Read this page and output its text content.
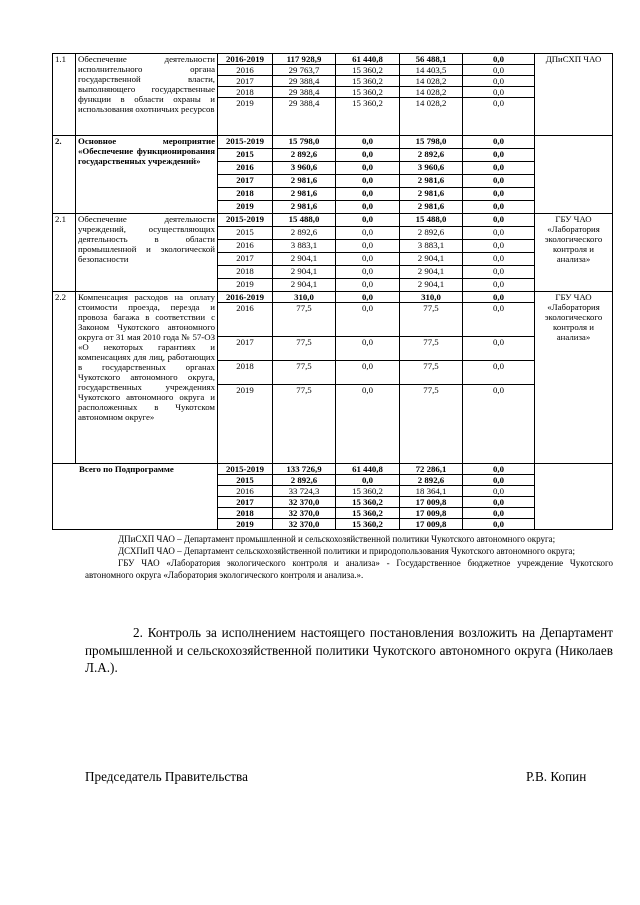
1.1	Обеспечение деятельности исполнительного органа государственной власти, выполняющего государственные функции в области охраны и использования охотничьих ресурсов	2016-2019	117 928,9	61 440,8	56 488,1	0,0	ДПиСХП ЧАО
		2016	29 763,7	15 360,2	14 403,5	0,0	
		2017	29 388,4	15 360,2	14 028,2	0,0	
		2018	29 388,4	15 360,2	14 028,2	0,0	
		2019	29 388,4	15 360,2	14 028,2	0,0	
2.	Основное мероприятие «Обеспечение функционирования государственных учреждений»	2015-2019	15 798,0	0,0	15 798,0	0,0	
		2015	2 892,6	0,0	2 892,6	0,0	
		2016	3 960,6	0,0	3 960,6	0,0	
		2017	2 981,6	0,0	2 981,6	0,0	
		2018	2 981,6	0,0	2 981,6	0,0	
		2019	2 981,6	0,0	2 981,6	0,0	
2.1	Обеспечение деятельности учреждений, осуществляющих деятельность в области промышленной и экологической безопасности	2015-2019	15 488,0	0,0	15 488,0	0,0	ГБУ ЧАО «Лаборатория экологического контроля и анализа»
		2015	2 892,6	0,0	2 892,6	0,0	
		2016	3 883,1	0,0	3 883,1	0,0	
		2017	2 904,1	0,0	2 904,1	0,0	
		2018	2 904,1	0,0	2 904,1	0,0	
		2019	2 904,1	0,0	2 904,1	0,0	
2.2	Компенсация расходов на оплату стоимости проезда, перезда и провоза багажа в соответствии с Законом Чукотского автономного округа от 31 мая 2010 года № 57-ОЗ «О некоторых гарантиях и компенсациях для лиц, работающих в государственных органах Чукотского автономного округа, государственных учреждениях Чукотского автономного округа и расположенных в Чукотском автономном округе»	2016-2019	310,0	0,0	310,0	0,0	ГБУ ЧАО «Лаборатория экологического контроля и анализа»
		2016	77,5	0,0	77,5	0,0	
		2017	77,5	0,0	77,5	0,0	
		2018	77,5	0,0	77,5	0,0	
		2019	77,5	0,0	77,5	0,0	
Всего по Подпрограмме		2015-2019	133 726,9	61 440,8	72 286,1	0,0	
		2015	2 892,6	0,0	2 892,6	0,0	
		2016	33 724,3	15 360,2	18 364,1	0,0	
		2017	32 370,0	15 360,2	17 009,8	0,0	
		2018	32 370,0	15 360,2	17 009,8	0,0	
		2019	32 370,0	15 360,2	17 009,8	0,0	

ДПиСХП ЧАО – Департамент промышленной и сельскохозяйственной политики Чукотского автономного округа;

ДСХПиП ЧАО – Департамент сельскохозяйственной политики и природопользования Чукотского автономного округа;

ГБУ ЧАО «Лаборатория экологического контроля и анализа» - Государственное бюджетное учреждение Чукотского автономного округа «Лаборатория экологического контроля и анализа.».

2. Контроль за исполнением настоящего постановления возложить на Департамент промышленной и сельскохозяйственной политики Чукотского автономного округа (Николаев Л.А.).

Председатель Правительства	Р.В. Копин
